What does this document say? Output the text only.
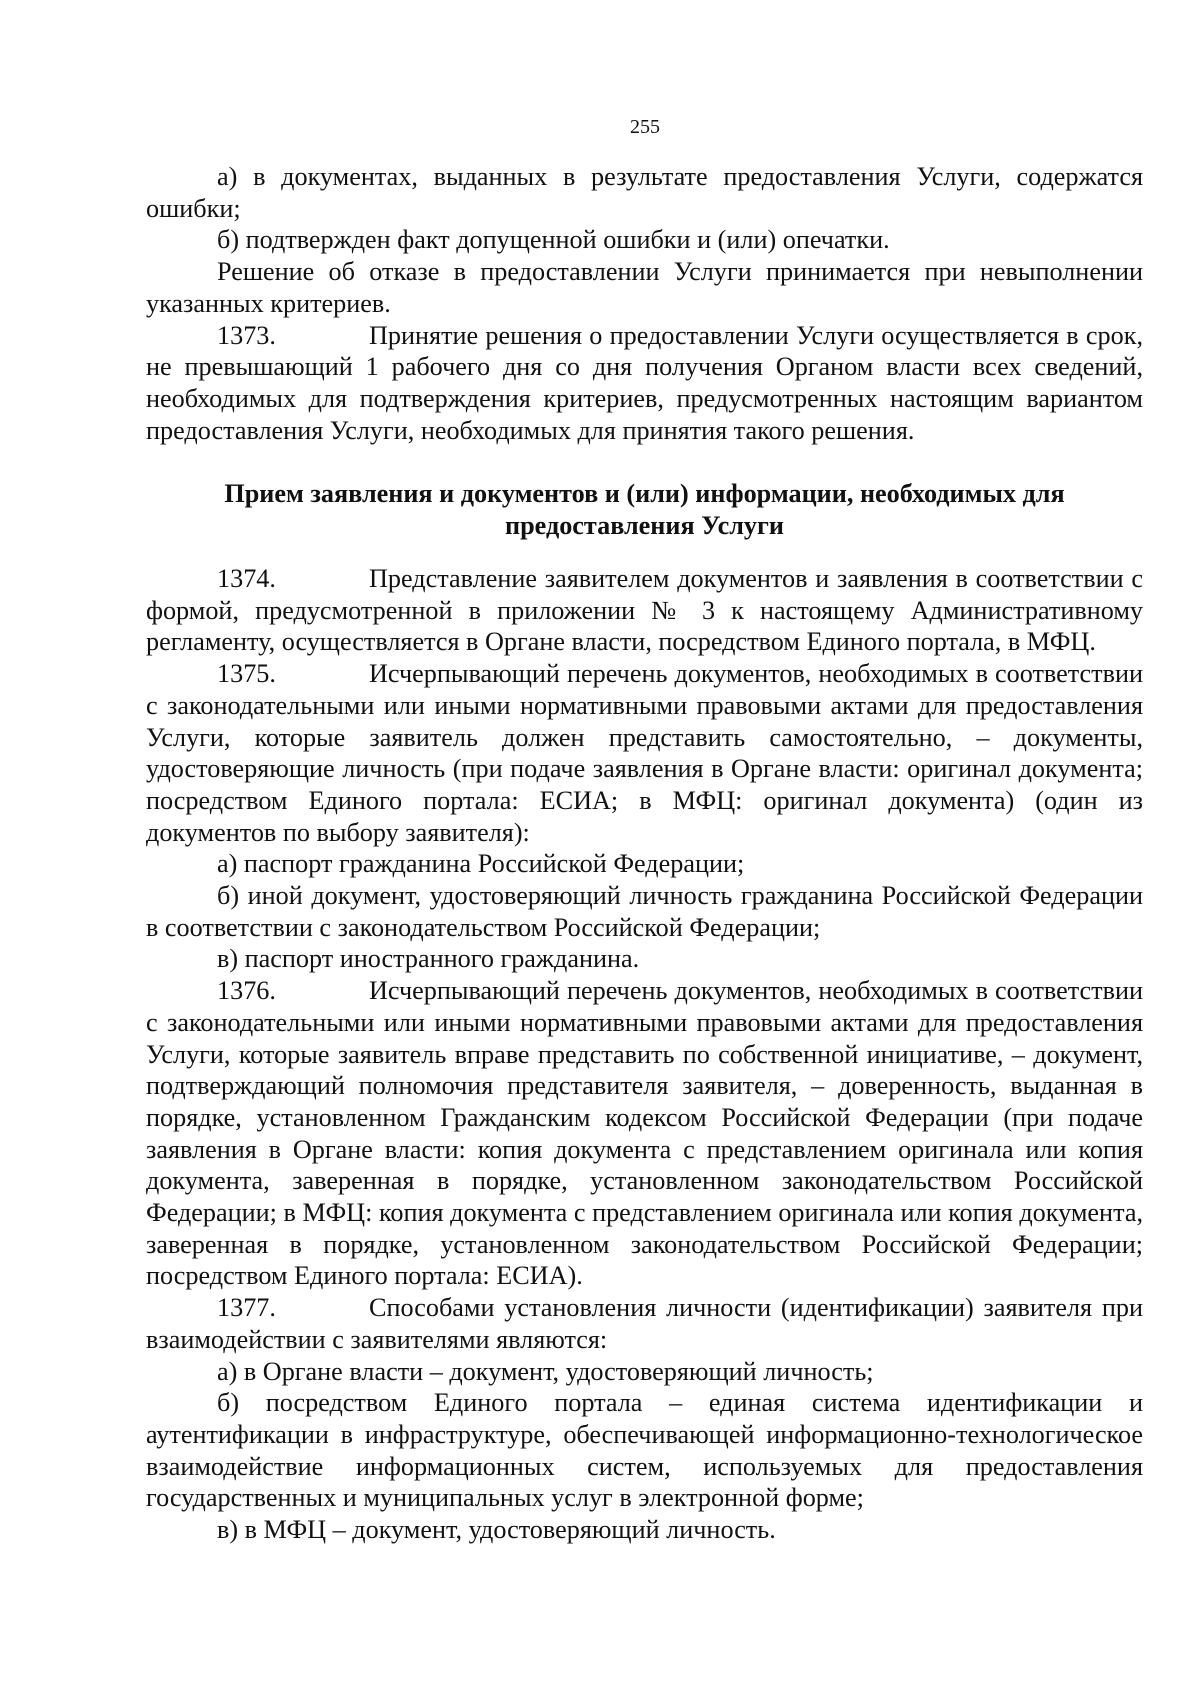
255

а) в документах, выданных в результате предоставления Услуги, содержатся ошибки;

б) подтвержден факт допущенной ошибки и (или) опечатки.

Решение об отказе в предоставлении Услуги принимается при невыполнении указанных критериев.

1373.	Принятие решения о предоставлении Услуги осуществляется в срок, не превышающий 1 рабочего дня со дня получения Органом власти всех сведений, необходимых для подтверждения критериев, предусмотренных настоящим вариантом предоставления Услуги, необходимых для принятия такого решения.

Прием заявления и документов и (или) информации, необходимых для
предоставления Услуги

1374.	Представление заявителем документов и заявления в соответствии с формой, предусмотренной в приложении № 3 к настоящему Административному регламенту, осуществляется в Органе власти, посредством Единого портала, в МФЦ.

1375.	Исчерпывающий перечень документов, необходимых в соответствии с законодательными или иными нормативными правовыми актами для предоставления Услуги, которые заявитель должен представить самостоятельно, – документы, удостоверяющие личность (при подаче заявления в Органе власти: оригинал документа; посредством Единого портала: ЕСИА; в МФЦ: оригинал документа) (один из документов по выбору заявителя):

а) паспорт гражданина Российской Федерации;

б) иной документ, удостоверяющий личность гражданина Российской Федерации в соответствии с законодательством Российской Федерации;

в) паспорт иностранного гражданина.

1376.	Исчерпывающий перечень документов, необходимых в соответствии с законодательными или иными нормативными правовыми актами для предоставления Услуги, которые заявитель вправе представить по собственной инициативе, – документ, подтверждающий полномочия представителя заявителя, – доверенность, выданная в порядке, установленном Гражданским кодексом Российской Федерации (при подаче заявления в Органе власти: копия документа с представлением оригинала или копия документа, заверенная в порядке, установленном законодательством Российской Федерации; в МФЦ: копия документа с представлением оригинала или копия документа, заверенная в порядке, установленном законодательством Российской Федерации; посредством Единого портала: ЕСИА).

1377.	Способами установления личности (идентификации) заявителя при взаимодействии с заявителями являются:

а) в Органе власти – документ, удостоверяющий личность;

б) посредством Единого портала – единая система идентификации и аутентификации в инфраструктуре, обеспечивающей информационно-технологическое взаимодействие информационных систем, используемых для предоставления государственных и муниципальных услуг в электронной форме;

в) в МФЦ – документ, удостоверяющий личность.
